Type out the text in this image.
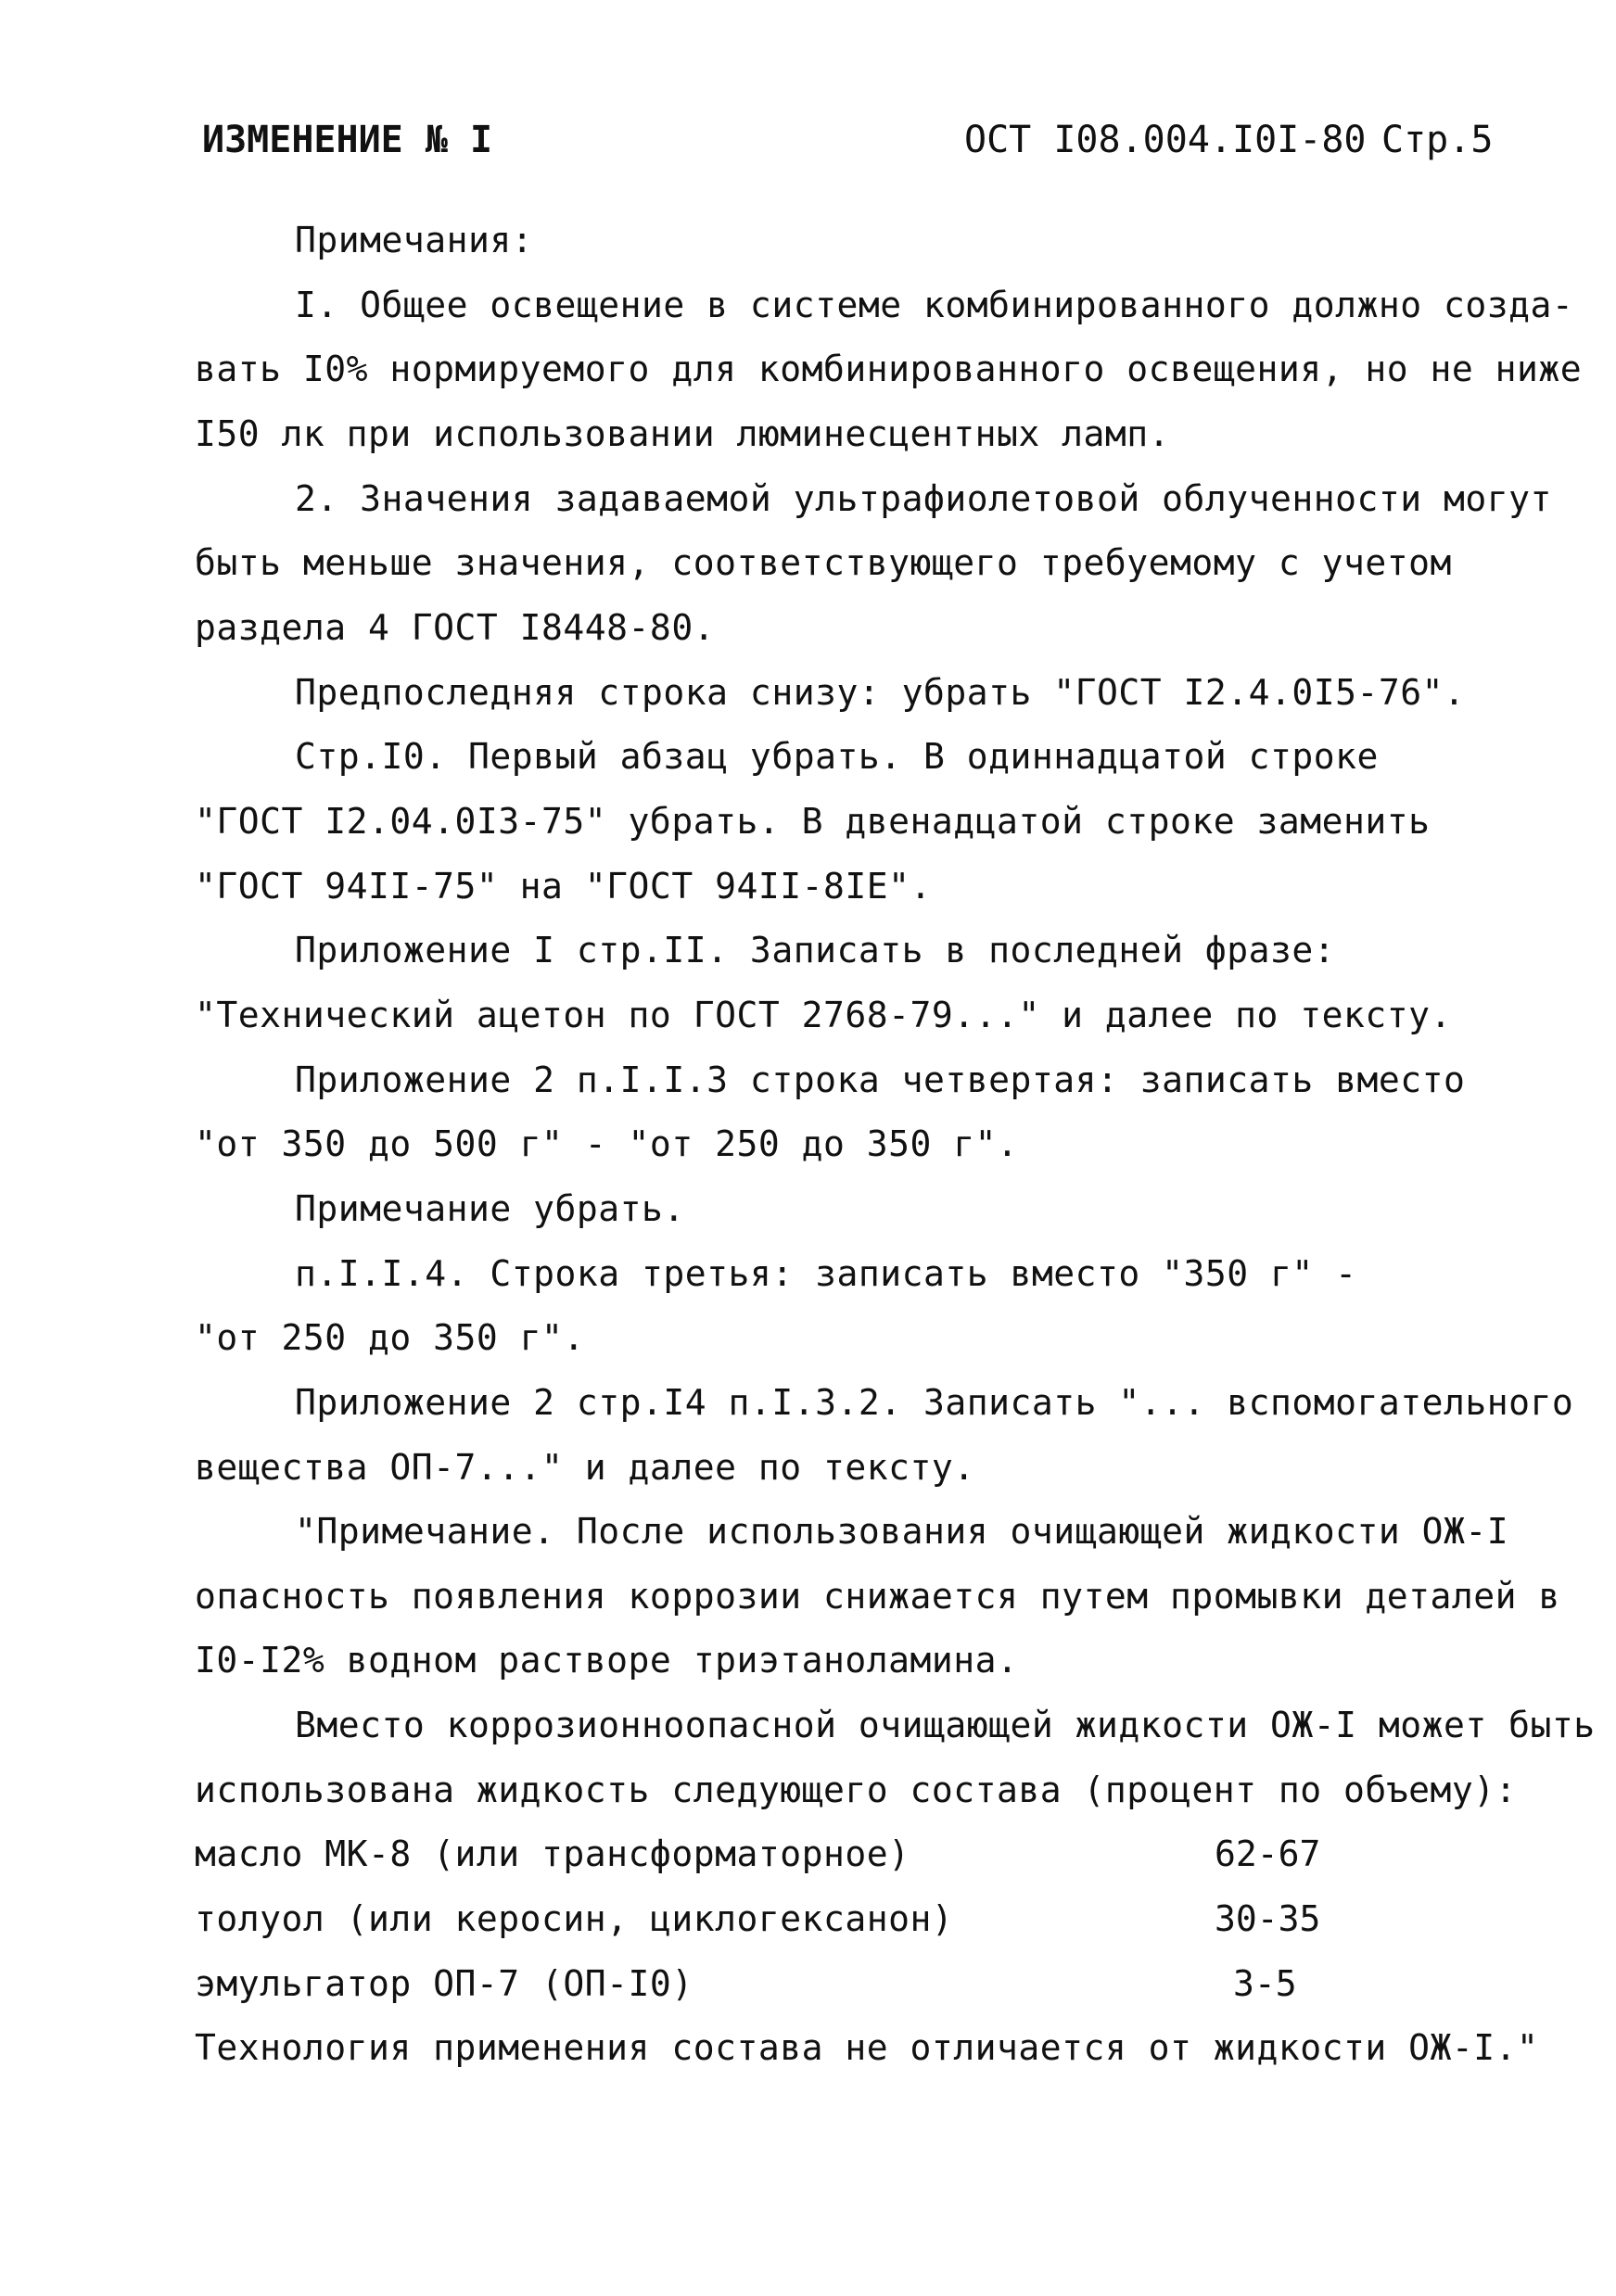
ИЗМЕНЕНИЕ № I	ОСТ I08.004.I0I-80 Стр.5
Примечания:
I. Общее освещение в системе комбинированного должно созда-
вать I0% нормируемого для комбинированного освещения, но не ниже
I50 лк при использовании люминесцентных ламп.
2. Значения задаваемой ультрафиолетовой облученности могут
быть меньше значения, соответствующего требуемому с учетом
раздела 4 ГОСТ I8448-80.
Предпоследняя строка снизу: убрать "ГОСТ I2.4.0I5-76".
Стр.I0. Первый абзац убрать. В одиннадцатой строке
"ГОСТ I2.04.0I3-75" убрать. В двенадцатой строке заменить
"ГОСТ 94II-75" на "ГОСТ 94II-8IЕ".
Приложение I стр.II. Записать в последней фразе:
"Технический ацетон по ГОСТ 2768-79..." и далее по тексту.
Приложение 2 п.I.I.3 строка четвертая: записать вместо
"от 350 до 500 г" - "от 250 до 350 г".
Примечание убрать.
п.I.I.4. Строка третья: записать вместо "350 г" -
"от 250 до 350 г".
Приложение 2 стр.I4 п.I.3.2. Записать "... вспомогательного
вещества ОП-7..." и далее по тексту.
"Примечание. После использования очищающей жидкости ОЖ-I
опасность появления коррозии снижается путем промывки деталей в
I0-I2% водном растворе триэтаноламина.
Вместо коррозионноопасной очищающей жидкости ОЖ-I может быть
использована жидкость следующего состава (процент по объему):
масло МК-8 (или трансформаторное)	62-67
толуол (или керосин, циклогексанон)	30-35
эмульгатор ОП-7 (ОП-I0)	3-5
Технология применения состава не отличается от жидкости ОЖ-I."
